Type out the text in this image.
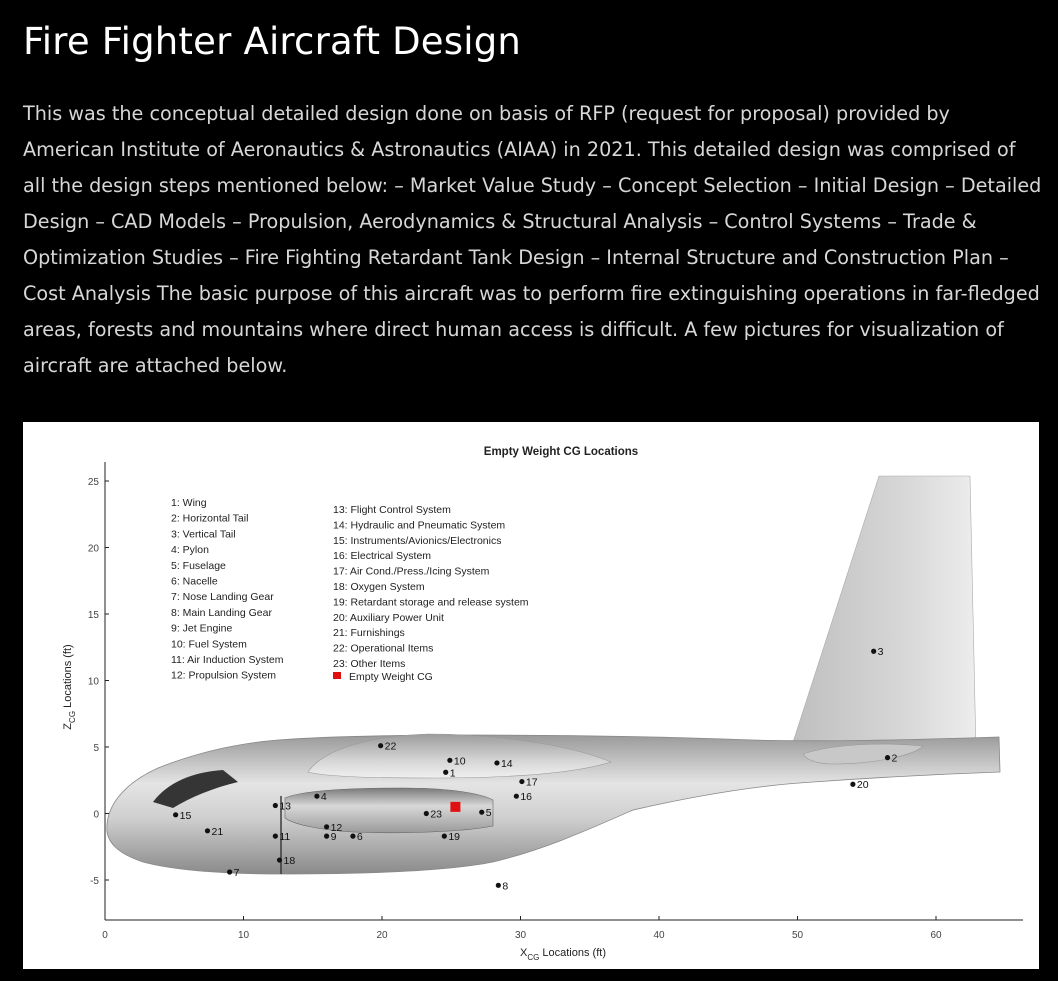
Fire Fighter Aircraft Design

This was the conceptual detailed design done on basis of RFP (request for proposal) provided by American Institute of Aeronautics & Astronautics (AIAA) in 2021. This detailed design was comprised of all the design steps mentioned below: – Market Value Study – Concept Selection – Initial Design – Detailed Design – CAD Models – Propulsion, Aerodynamics & Structural Analysis – Control Systems – Trade & Optimization Studies – Fire Fighting Retardant Tank Design – Internal Structure and Construction Plan – Cost Analysis The basic purpose of this aircraft was to perform fire extinguishing operations in far-fledged areas, forests and mountains where direct human access is difficult. A few pictures for visualization of aircraft are attached below.

0	10	20	30	40	50	60
25
20
15
10
5
0
-5
Empty Weight CG Locations
$X_{CG}$ Locations (ft)
$Z_{CG}$ Locations (ft)
1: Wing
2: Horizontal Tail
3: Vertical Tail
4: Pylon
5: Fuselage
6: Nacelle
7: Nose Landing Gear
8: Main Landing Gear
9: Jet Engine
10: Fuel System
11: Air Induction System
12: Propulsion System
13: Flight Control System
14: Hydraulic and Pneumatic System
15: Instruments/Avionics/Electronics
16: Electrical System
17: Air Cond./Press./Icing System
18: Oxygen System
19: Retardant storage and release system
20: Auxiliary Power Unit
21: Furnishings
22: Operational Items
23: Other Items
Empty Weight CG
1
2
3
4
5
6
7
8
9
10
11
12
13
14
15
16
17
18
19
20
21
22
23
